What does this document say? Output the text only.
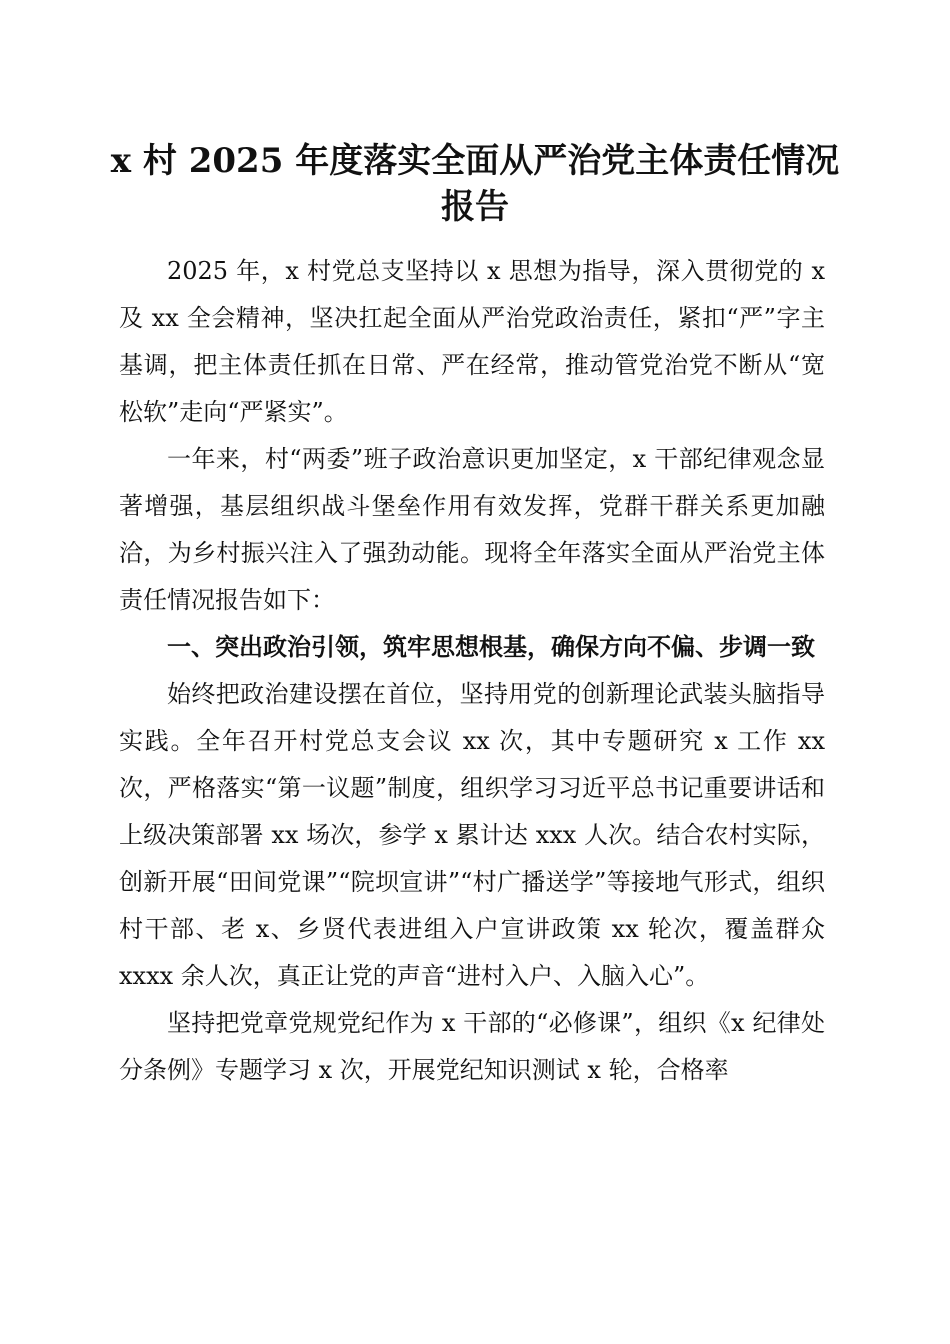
x 村 2025 年度落实全面从严治党主体责任情况
报告

2025 年，x 村党总支坚持以 x 思想为指导，深入贯彻党的 x 及 xx 全会精神，坚决扛起全面从严治党政治责任，紧扣“严”字主基调，把主体责任抓在日常、严在经常，推动管党治党不断从“宽松软”走向“严紧实”。

一年来，村“两委”班子政治意识更加坚定，x 干部纪律观念显著增强，基层组织战斗堡垒作用有效发挥，党群干群关系更加融洽，为乡村振兴注入了强劲动能。现将全年落实全面从严治党主体责任情况报告如下：

一、突出政治引领，筑牢思想根基，确保方向不偏、步调一致

始终把政治建设摆在首位，坚持用党的创新理论武装头脑指导实践。全年召开村党总支会议 xx 次，其中专题研究 x 工作 xx 次，严格落实“第一议题”制度，组织学习习近平总书记重要讲话和上级决策部署 xx 场次，参学 x 累计达 xxx 人次。结合农村实际，创新开展“田间党课”“院坝宣讲”“村广播送学”等接地气形式，组织村干部、老 x、乡贤代表进组入户宣讲政策 xx 轮次，覆盖群众 xxxx 余人次，真正让党的声音“进村入户、入脑入心”。

坚持把党章党规党纪作为 x 干部的“必修课”，组织《x 纪律处分条例》专题学习 x 次，开展党纪知识测试 x 轮，合格率
